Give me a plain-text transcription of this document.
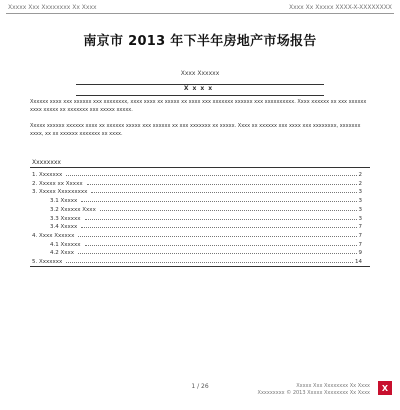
Xxxxx Xxx Xxxxxxxx Xx Xxxx	Xxxx Xx Xxxxx XXXX-X-XXXXXXXX
南京市 2013 年下半年房地产市场报告
Xxxx Xxxxxx
Xxxx
Xxxxxx xxxx xxx xxxxxx xxx xxxxxxxx, xxxx xxxx xx xxxxx xx xxxx xxx xxxxxxx xxxxxx xxx xxxxxxxxxx. Xxxx xxxxxx xx xxx xxxxxx xxxx xxxxx xx xxxxxxx xxx xxxxx xxxxx.
Xxxxx xxxxxx xxxxxx xxxx xx xxxxxx xxxxx xxx xxxxxx xx xxx xxxxxxx xx xxxxx. Xxxx xx xxxxxx xxx xxxx xxx xxxxxxxx, xxxxxxx xxxx, xx xx xxxxxx xxxxxxx xx xxxx.
Xxxxxxxx
1. Xxxxxxx	2
2. Xxxxx xx Xxxxx	2
3. Xxxxx Xxxxxxxxx	3
3.1 Xxxxx	3
3.2 Xxxxxx Xxxx	3
3.3 Xxxxxx	3
3.4 Xxxxx	7
4. Xxxx Xxxxxx	7
4.1 Xxxxxx	7
4.2 Xxxx	9
5. Xxxxxxx	14
1 / 26	Xxxxx Xxx Xxxxxxxx Xx Xxxx
Xxxxxxxxx © 2013 Xxxxx Xxxxxxxx Xx Xxxx
X
